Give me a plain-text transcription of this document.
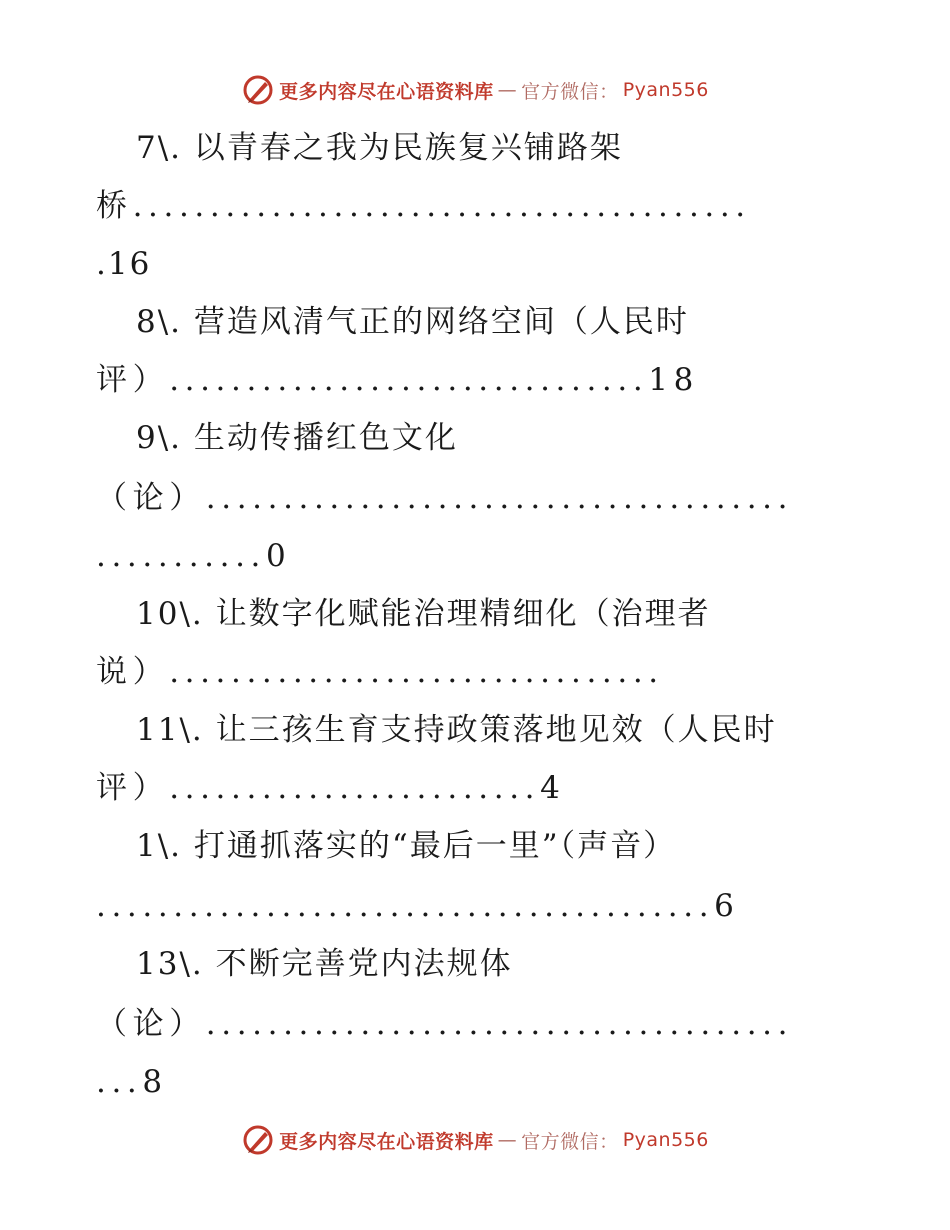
更多内容尽在心语资料库 — 官方微信： Pyan556
7\. 以青春之我为民族复兴铺路架
桥........................................
.16
8\. 营造风清气正的网络空间（人民时
评）...............................18
9\. 生动传播红色文化
（论）......................................
...........0
10\. 让数字化赋能治理精细化（治理者
说）................................
11\. 让三孩生育支持政策落地见效（人民时
评）........................4
1\. 打通抓落实的“最后一里”（声音）
........................................6
13\. 不断完善党内法规体
（论）......................................
...8
更多内容尽在心语资料库 — 官方微信： Pyan556
